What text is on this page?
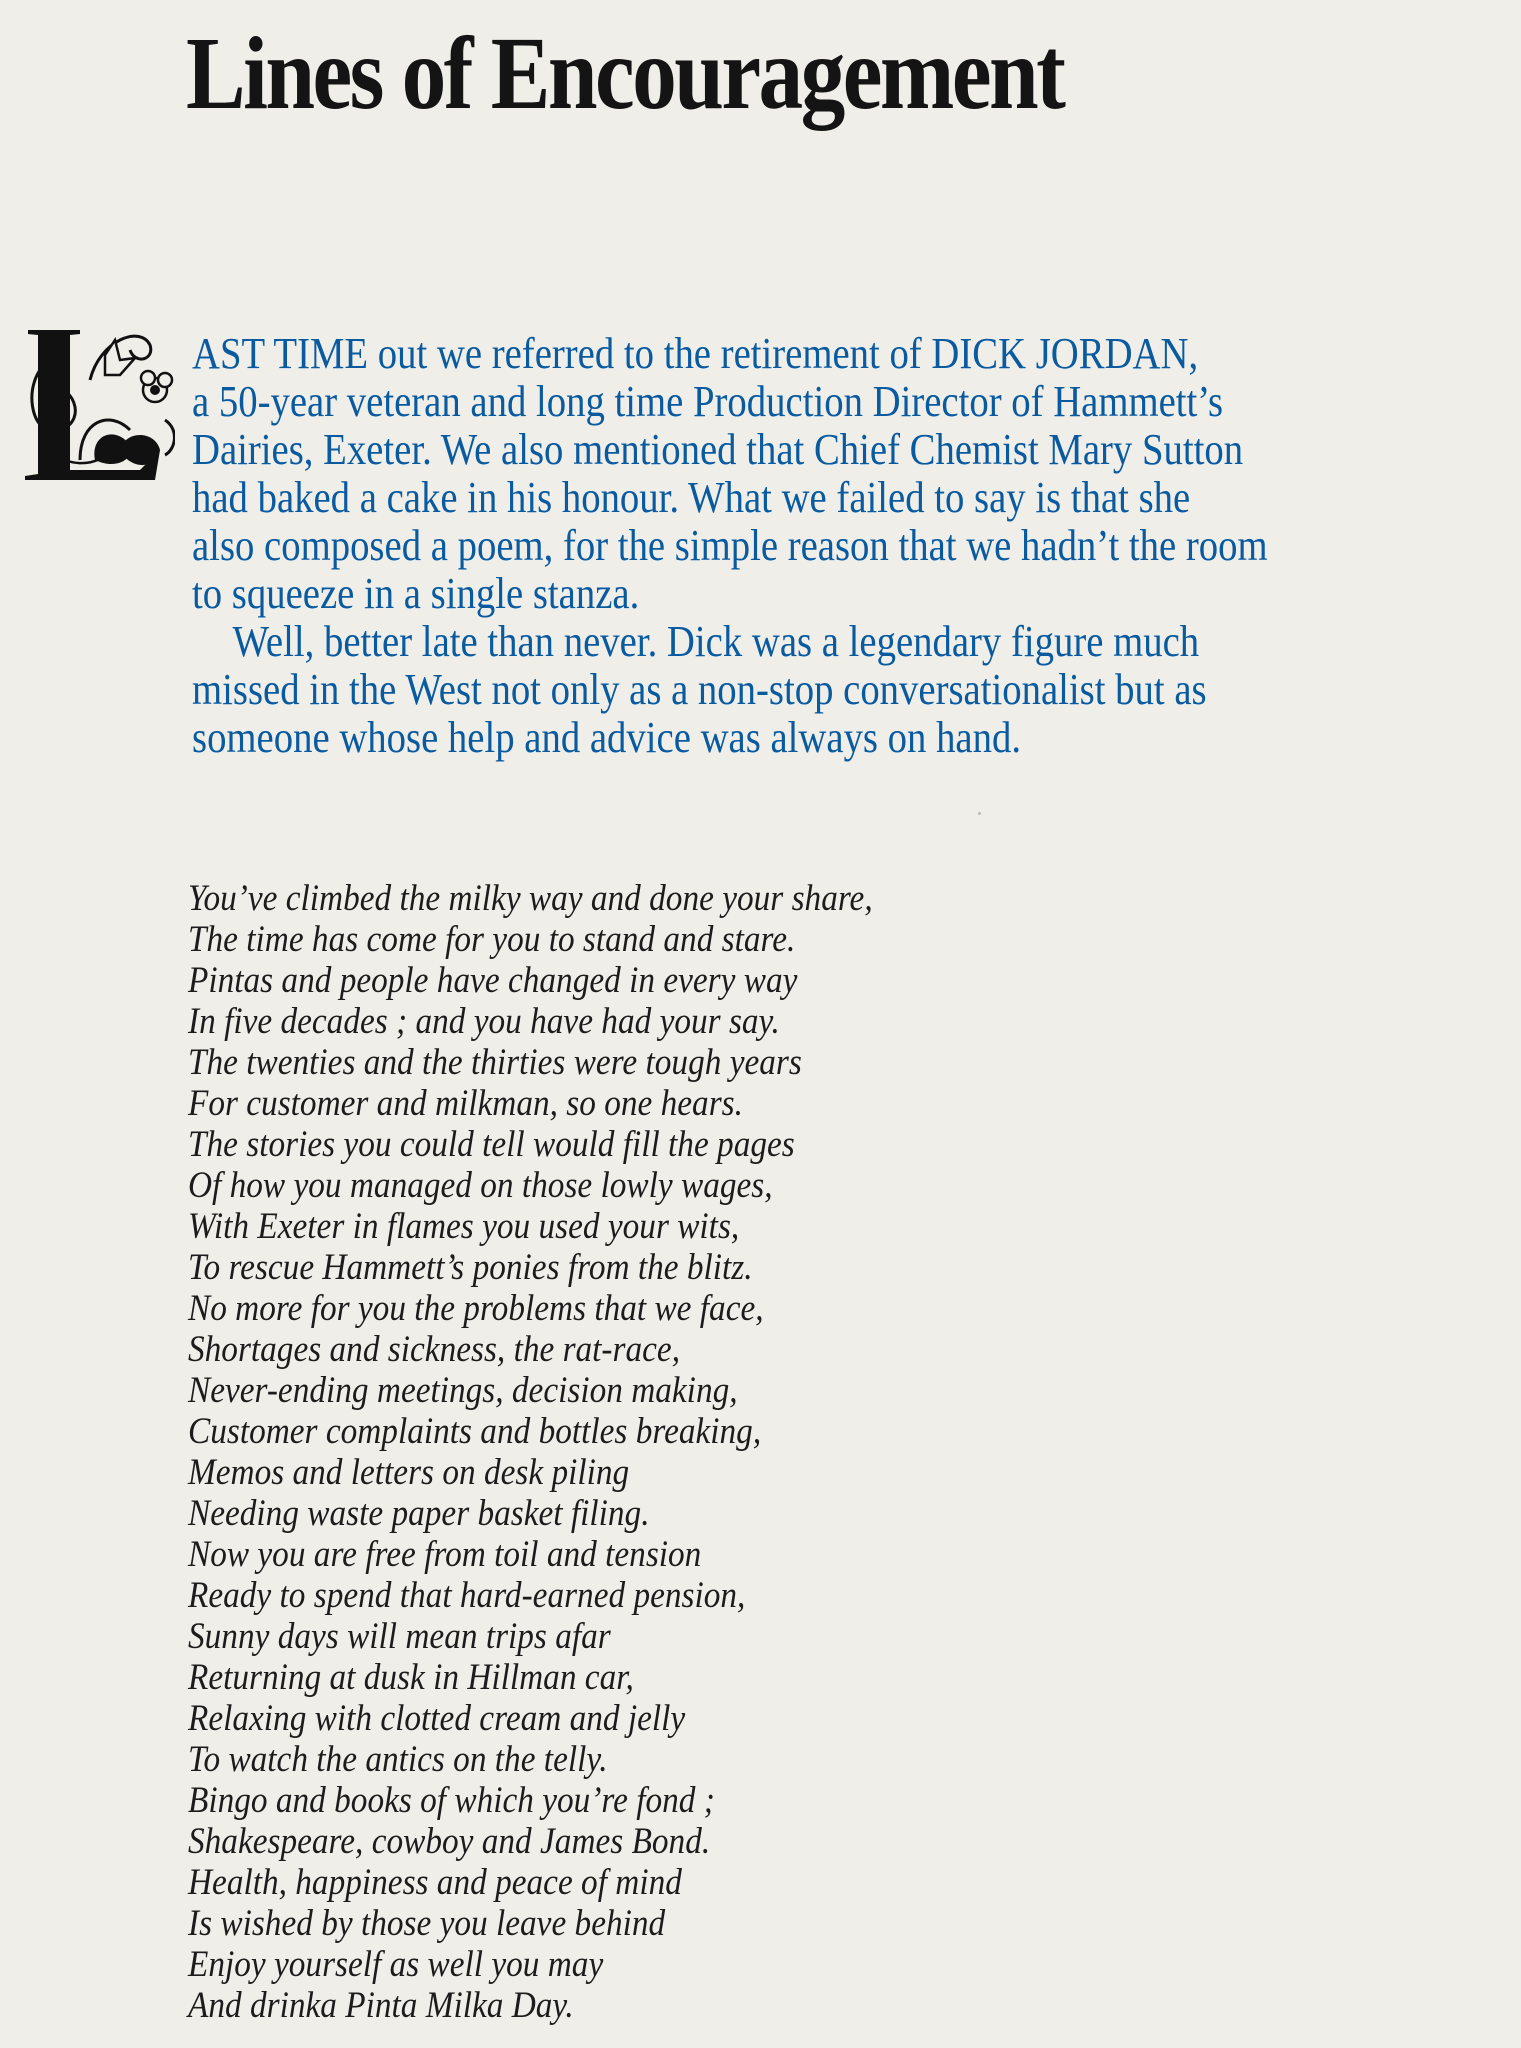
Lines of Encouragement

AST TIME out we referred to the retirement of DICK JORDAN,

a 50-year veteran and long time Production Director of Hammett’s

Dairies, Exeter. We also mentioned that Chief Chemist Mary Sutton

had baked a cake in his honour. What we failed to say is that she

also composed a poem, for the simple reason that we hadn’t the room

to squeeze in a single stanza.

Well, better late than never. Dick was a legendary figure much

missed in the West not only as a non-stop conversationalist but as

someone whose help and advice was always on hand.

You’ve climbed the milky way and done your share,
The time has come for you to stand and stare.
Pintas and people have changed in every way
In five decades ; and you have had your say.
The twenties and the thirties were tough years
For customer and milkman, so one hears.
The stories you could tell would fill the pages
Of how you managed on those lowly wages,
With Exeter in flames you used your wits,
To rescue Hammett’s ponies from the blitz.
No more for you the problems that we face,
Shortages and sickness, the rat-race,
Never-ending meetings, decision making,
Customer complaints and bottles breaking,
Memos and letters on desk piling
Needing waste paper basket filing.
Now you are free from toil and tension
Ready to spend that hard-earned pension,
Sunny days will mean trips afar
Returning at dusk in Hillman car,
Relaxing with clotted cream and jelly
To watch the antics on the telly.
Bingo and books of which you’re fond ;
Shakespeare, cowboy and James Bond.
Health, happiness and peace of mind
Is wished by those you leave behind
Enjoy yourself as well you may
And drinka Pinta Milka Day.
